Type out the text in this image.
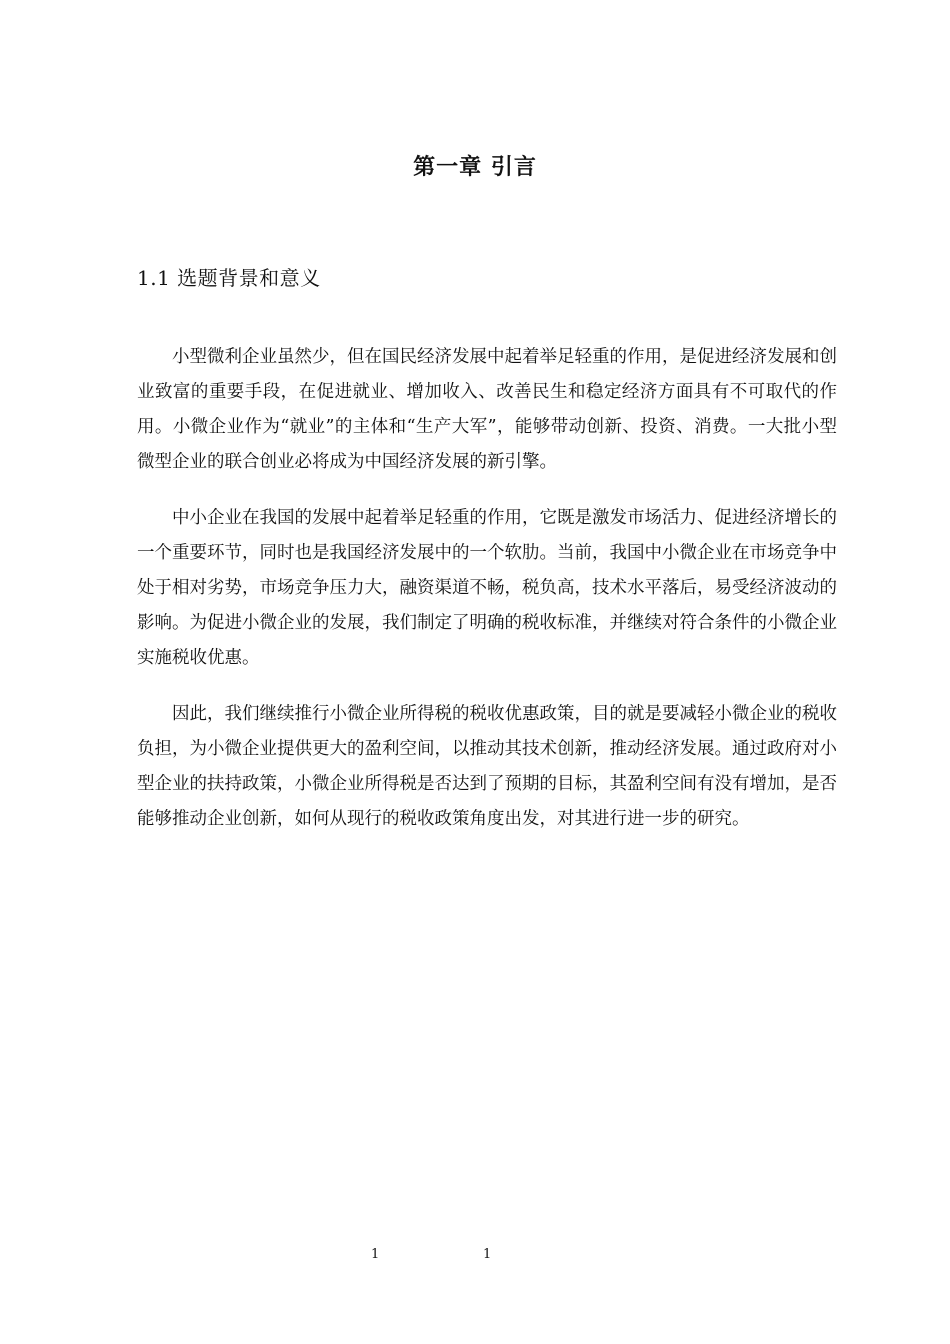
第一章 引言
1.1 选题背景和意义

小型微利企业虽然少，但在国民经济发展中起着举足轻重的作用，是促进经济发展和创业致富的重要手段，在促进就业、增加收入、改善民生和稳定经济方面具有不可取代的作用。小微企业作为“就业”的主体和“生产大军”，能够带动创新、投资、消费。一大批小型微型企业的联合创业必将成为中国经济发展的新引擎。

中小企业在我国的发展中起着举足轻重的作用，它既是激发市场活力、促进经济增长的一个重要环节，同时也是我国经济发展中的一个软肋。当前，我国中小微企业在市场竞争中处于相对劣势，市场竞争压力大，融资渠道不畅，税负高，技术水平落后，易受经济波动的影响。为促进小微企业的发展，我们制定了明确的税收标准，并继续对符合条件的小微企业实施税收优惠。

因此，我们继续推行小微企业所得税的税收优惠政策，目的就是要减轻小微企业的税收负担，为小微企业提供更大的盈利空间，以推动其技术创新，推动经济发展。通过政府对小型企业的扶持政策，小微企业所得税是否达到了预期的目标，其盈利空间有没有增加，是否能够推动企业创新，如何从现行的税收政策角度出发，对其进行进一步的研究。

1	1
